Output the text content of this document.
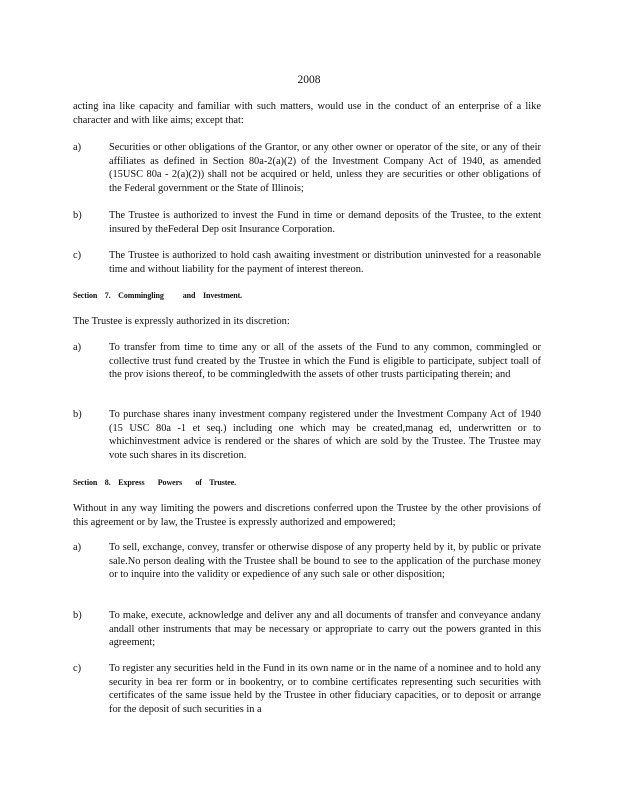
2008
acting ina like capacity and familiar with such matters, would use in the conduct of an enterprise of a like character and with like aims; except that:
a)	Securities or other obligations of the Grantor, or any other owner or operator of the site, or any of their affiliates as defined in Section 80a-2(a)(2) of the Investment Company Act of 1940, as amended (15USC 80a - 2(a)(2)) shall not be acquired or held, unless they are securities or other obligations of the Federal government or the State of Illinois;
b)	The Trustee is authorized to invest the Fund in time or demand deposits of the Trustee, to the extent insured by theFederal Dep osit Insurance Corporation.
c)	The Trustee is authorized to hold cash awaiting investment or distribution uninvested for a reasonable time and without liability for the payment of interest thereon.
Section    7.    Commingling          and    Investment.
The Trustee is expressly authorized in its discretion:
a)	To transfer from time to time any or all of the assets of the Fund to any common, commingled or collective trust fund created by the Trustee in which the Fund is eligible to participate, subject toall of the prov isions thereof, to be commingledwith the assets of other trusts participating therein; and
b)	To purchase shares inany investment company registered under the Investment Company Act of 1940 (15 USC 80a -1 et seq.) including one which may be created,manag ed, underwritten or to whichinvestment advice is rendered or the shares of which are sold by the Trustee. The Trustee may vote such shares in its discretion.
Section    8.    Express       Powers       of    Trustee.
Without in any way limiting the powers and discretions conferred upon the Trustee by the other provisions of this agreement or by law, the Trustee is expressly authorized and empowered;
a)	To sell, exchange, convey, transfer or otherwise dispose of any property held by it, by public or private sale.No person dealing with the Trustee shall be bound to see to the application of the purchase money or to inquire into the validity or expedience of any such sale or other disposition;
b)	To make, execute, acknowledge and deliver any and all documents of transfer and conveyance andany andall other instruments that may be necessary or appropriate to carry out the powers granted in this agreement;
c)	To register any securities held in the Fund in its own name or in the name of a nominee and to hold any security in bea rer form or in bookentry, or to combine certificates representing such securities with certificates of the same issue held by the Trustee in other fiduciary capacities, or to deposit or arrange for the deposit of such securities in a
